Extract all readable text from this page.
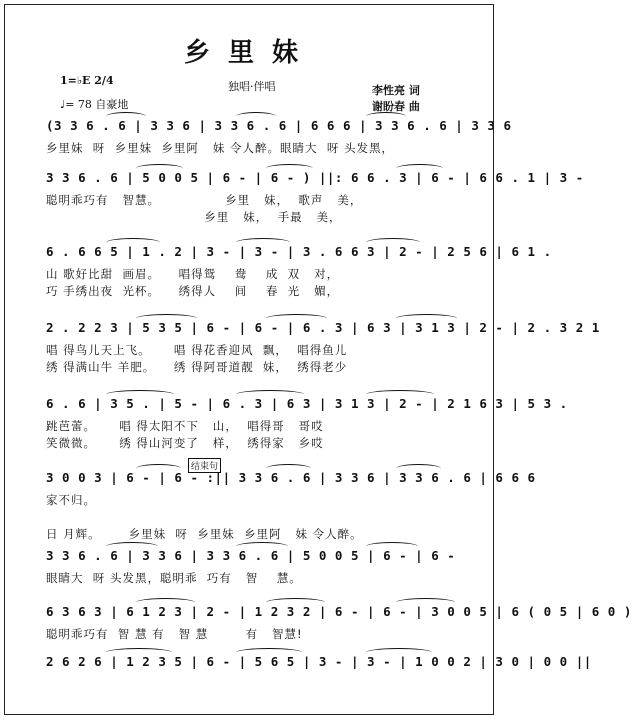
乡里妹
1=♭E 2/4
♩= 78 自豪地
独唱·伴唱	李性亮 词
谢盼春 曲
结束句
(3 3 6 . 6 | 3 3 6 | 3 3 6 . 6 | 6 6 6 | 3 3 6 . 6 | 3 3 6
乡里妹  呀  乡里妹  乡里阿   妹 令人醉。眼睛大  呀 头发黑，
3 3 6 . 6 | 5 0 0 5 | 6 - | 6 - ) ||: 6 6 . 3 | 6 - | 6 6 . 1 | 3 -
聪明乖巧有   智慧。              乡里   妹，  歌声   美，
乡里   妹，  手最   美，
6 . 6 6 5 | 1 . 2 | 3 - | 3 - | 3 . 6 6 3 | 2 - | 2 5 6 | 6 1 .
山 歌好比甜  画眉。    唱得鸳    鸯    成  双   对，
巧 手绣出夜  光杯。    绣得人    间    春  光   媚，
2 . 2 2 3 | 5 3 5 | 6 - | 6 - | 6 . 3 | 6 3 | 3 1 3 | 2 - | 2 . 3 2 1
唱 得鸟儿天上飞。     唱 得花香迎风  飘，  唱得鱼儿
绣 得满山牛 羊肥。    绣 得阿哥道靓  妹，  绣得老少
6 . 6 | 3 5 . | 5 - | 6 . 3 | 6 3 | 3 1 3 | 2 - | 2 1 6 3 | 5 3 .
跳芭蕾。     唱 得太阳不下   山，  唱得哥   哥哎
笑微微。     绣 得山河变了   样，  绣得家   乡哎
3 0 0 3 | 6 - | 6 - :|| 3 3 6 . 6 | 3 3 6 | 3 3 6 . 6 | 6 6 6
家不归。
日 月辉。      乡里妹  呀  乡里妹  乡里阿   妹 令人醉。
3 3 6 . 6 | 3 3 6 | 3 3 6 . 6 | 5 0 0 5 | 6 - | 6 -
眼睛大  呀 头发黑，聪明乖  巧有   智    慧。
6 3 6 3 | 6 1 2 3 | 2 - | 1 2 3 2 | 6 - | 6 - | 3 0 0 5 | 6 ( 0 5 | 6 0 )
聪明乖巧有  智 慧 有   智 慧        有   智慧!
2 6 2 6 | 1 2 3 5 | 6 - | 5 6 5 | 3 - | 3 - | 1 0 0 2 | 3 0 | 0 0 ||
